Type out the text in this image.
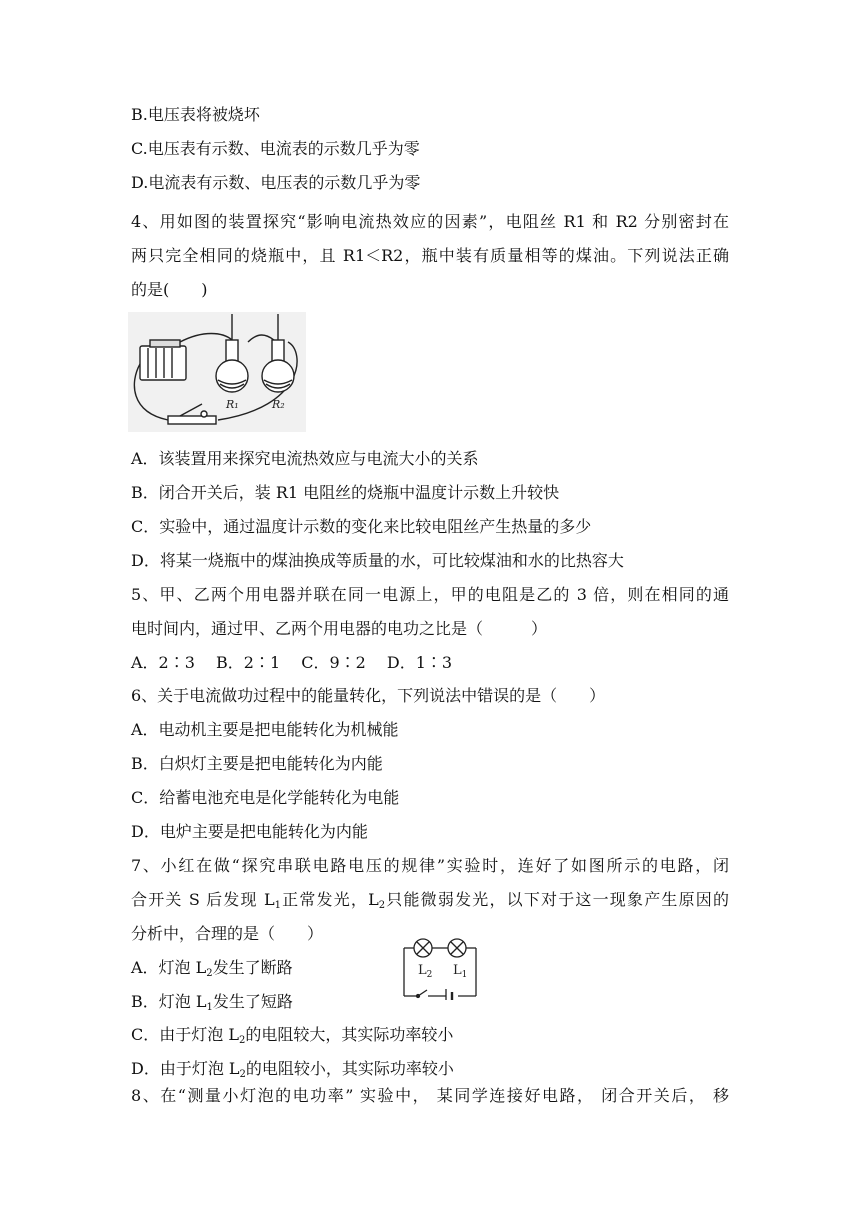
B.电压表将被烧坏
C.电压表有示数、电流表的示数几乎为零
D.电流表有示数、电压表的示数几乎为零
4、用如图的装置探究“影响电流热效应的因素”，电阻丝 R1 和 R2 分别密封在
两只完全相同的烧瓶中，且 R1＜R2，瓶中装有质量相等的煤油。下列说法正确
的是(　　)
R₁	R₂
A．该装置用来探究电流热效应与电流大小的关系
B．闭合开关后，装 R1 电阻丝的烧瓶中温度计示数上升较快
C．实验中，通过温度计示数的变化来比较电阻丝产生热量的多少
D．将某一烧瓶中的煤油换成等质量的水，可比较煤油和水的比热容大
5、甲、乙两个用电器并联在同一电源上，甲的电阻是乙的 3 倍，则在相同的通
电时间内，通过甲、乙两个用电器的电功之比是（　　　）
A．2∶3　 B．2∶1　 C．9∶2　 D．1∶3
6、关于电流做功过程中的能量转化，下列说法中错误的是（　　）
A．电动机主要是把电能转化为机械能
B．白炽灯主要是把电能转化为内能
C．给蓄电池充电是化学能转化为电能
D．电炉主要是把电能转化为内能
7、小红在做“探究串联电路电压的规律”实验时，连好了如图所示的电路，闭
合开关 S 后发现 $L_1$正常发光，$L_2$只能微弱发光，以下对于这一现象产生原因的
分析中，合理的是（　　）
A．灯泡 $L_2$发生了断路
B．灯泡 $L_1$发生了短路
C．由于灯泡 $L_2$的电阻较大，其实际功率较小
D．由于灯泡 $L_2$的电阻较小，其实际功率较小
$L_2$ $L_1$
8、在“测量小灯泡的电功率” 实验中， 某同学连接好电路， 闭合开关后， 移
